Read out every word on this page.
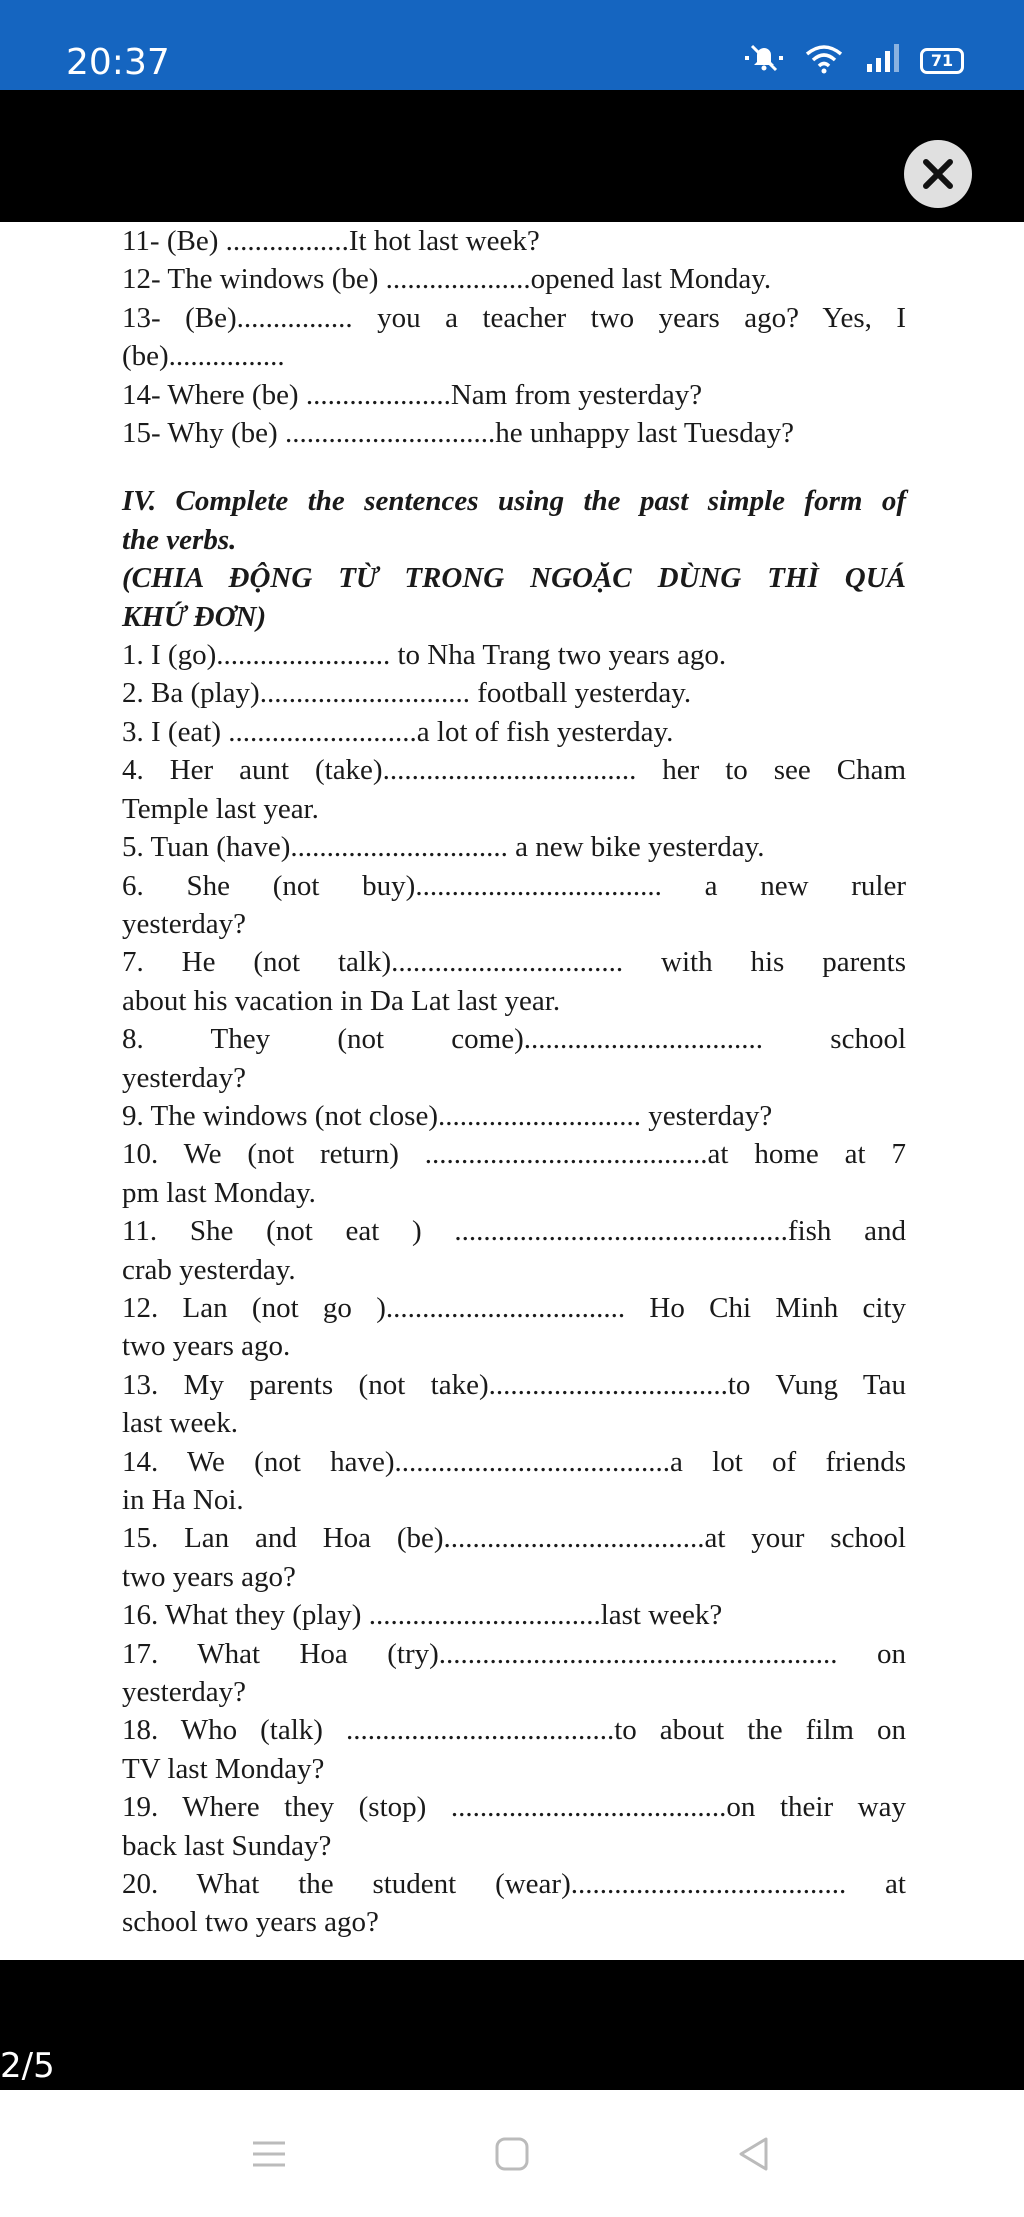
20:37	71
11- (Be) .................It hot last week?
12- The windows (be) ....................opened last Monday.
13- (Be)................ you a teacher two years ago? Yes, I
(be)................
14- Where (be) ....................Nam from yesterday?
15- Why (be) .............................he unhappy last Tuesday?
IV. Complete the sentences using the past simple form of
the verbs.
(CHIA ĐỘNG TỪ TRONG NGOẶC DÙNG THÌ QUÁ
KHỨ ĐƠN)
1. I (go)........................ to Nha Trang two years ago.
2. Ba (play)............................. football yesterday.
3. I (eat) ..........................a lot of fish yesterday.
4. Her aunt (take)................................... her to see Cham
Temple last year.
5. Tuan (have).............................. a new bike yesterday.
6. She (not buy).................................. a new ruler
yesterday?
7. He (not talk)................................ with his parents
about his vacation in Da Lat last year.
8. They (not come)................................. school
yesterday?
9. The windows (not close)............................ yesterday?
10. We (not return) .......................................at home at 7
pm last Monday.
11. She (not eat ) ..............................................fish and
crab yesterday.
12. Lan (not go )................................. Ho Chi Minh city
two years ago.
13. My parents (not take).................................to Vung Tau
last week.
14. We (not have)......................................a lot of friends
in Ha Noi.
15. Lan and Hoa (be)....................................at your school
two years ago?
16. What they (play) ................................last week?
17. What Hoa (try)....................................................... on
yesterday?
18. Who (talk) .....................................to about the film on
TV last Monday?
19. Where they (stop) ......................................on their way
back last Sunday?
20. What the student (wear)...................................... at
school two years ago?
2/5
